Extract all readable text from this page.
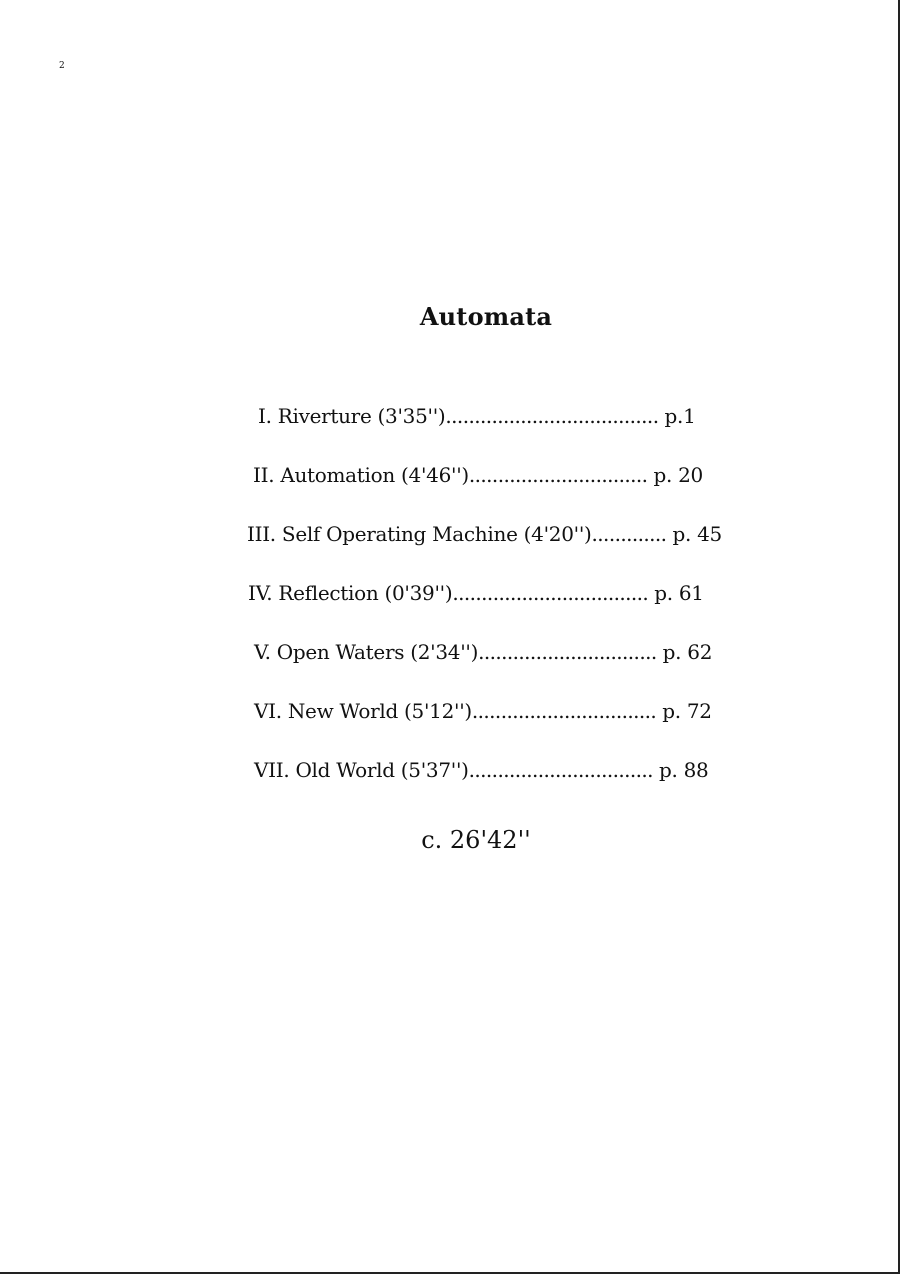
2
Automata
I. Riverture (3'35'')..................................... p.1
II. Automation (4'46'')............................... p. 20
III. Self Operating Machine (4'20'')............. p. 45
IV. Reflection (0'39'').................................. p. 61
V. Open Waters (2'34'')............................... p. 62
VI. New World (5'12'')................................ p. 72
VII. Old World (5'37'')................................ p. 88
c. 26'42''
